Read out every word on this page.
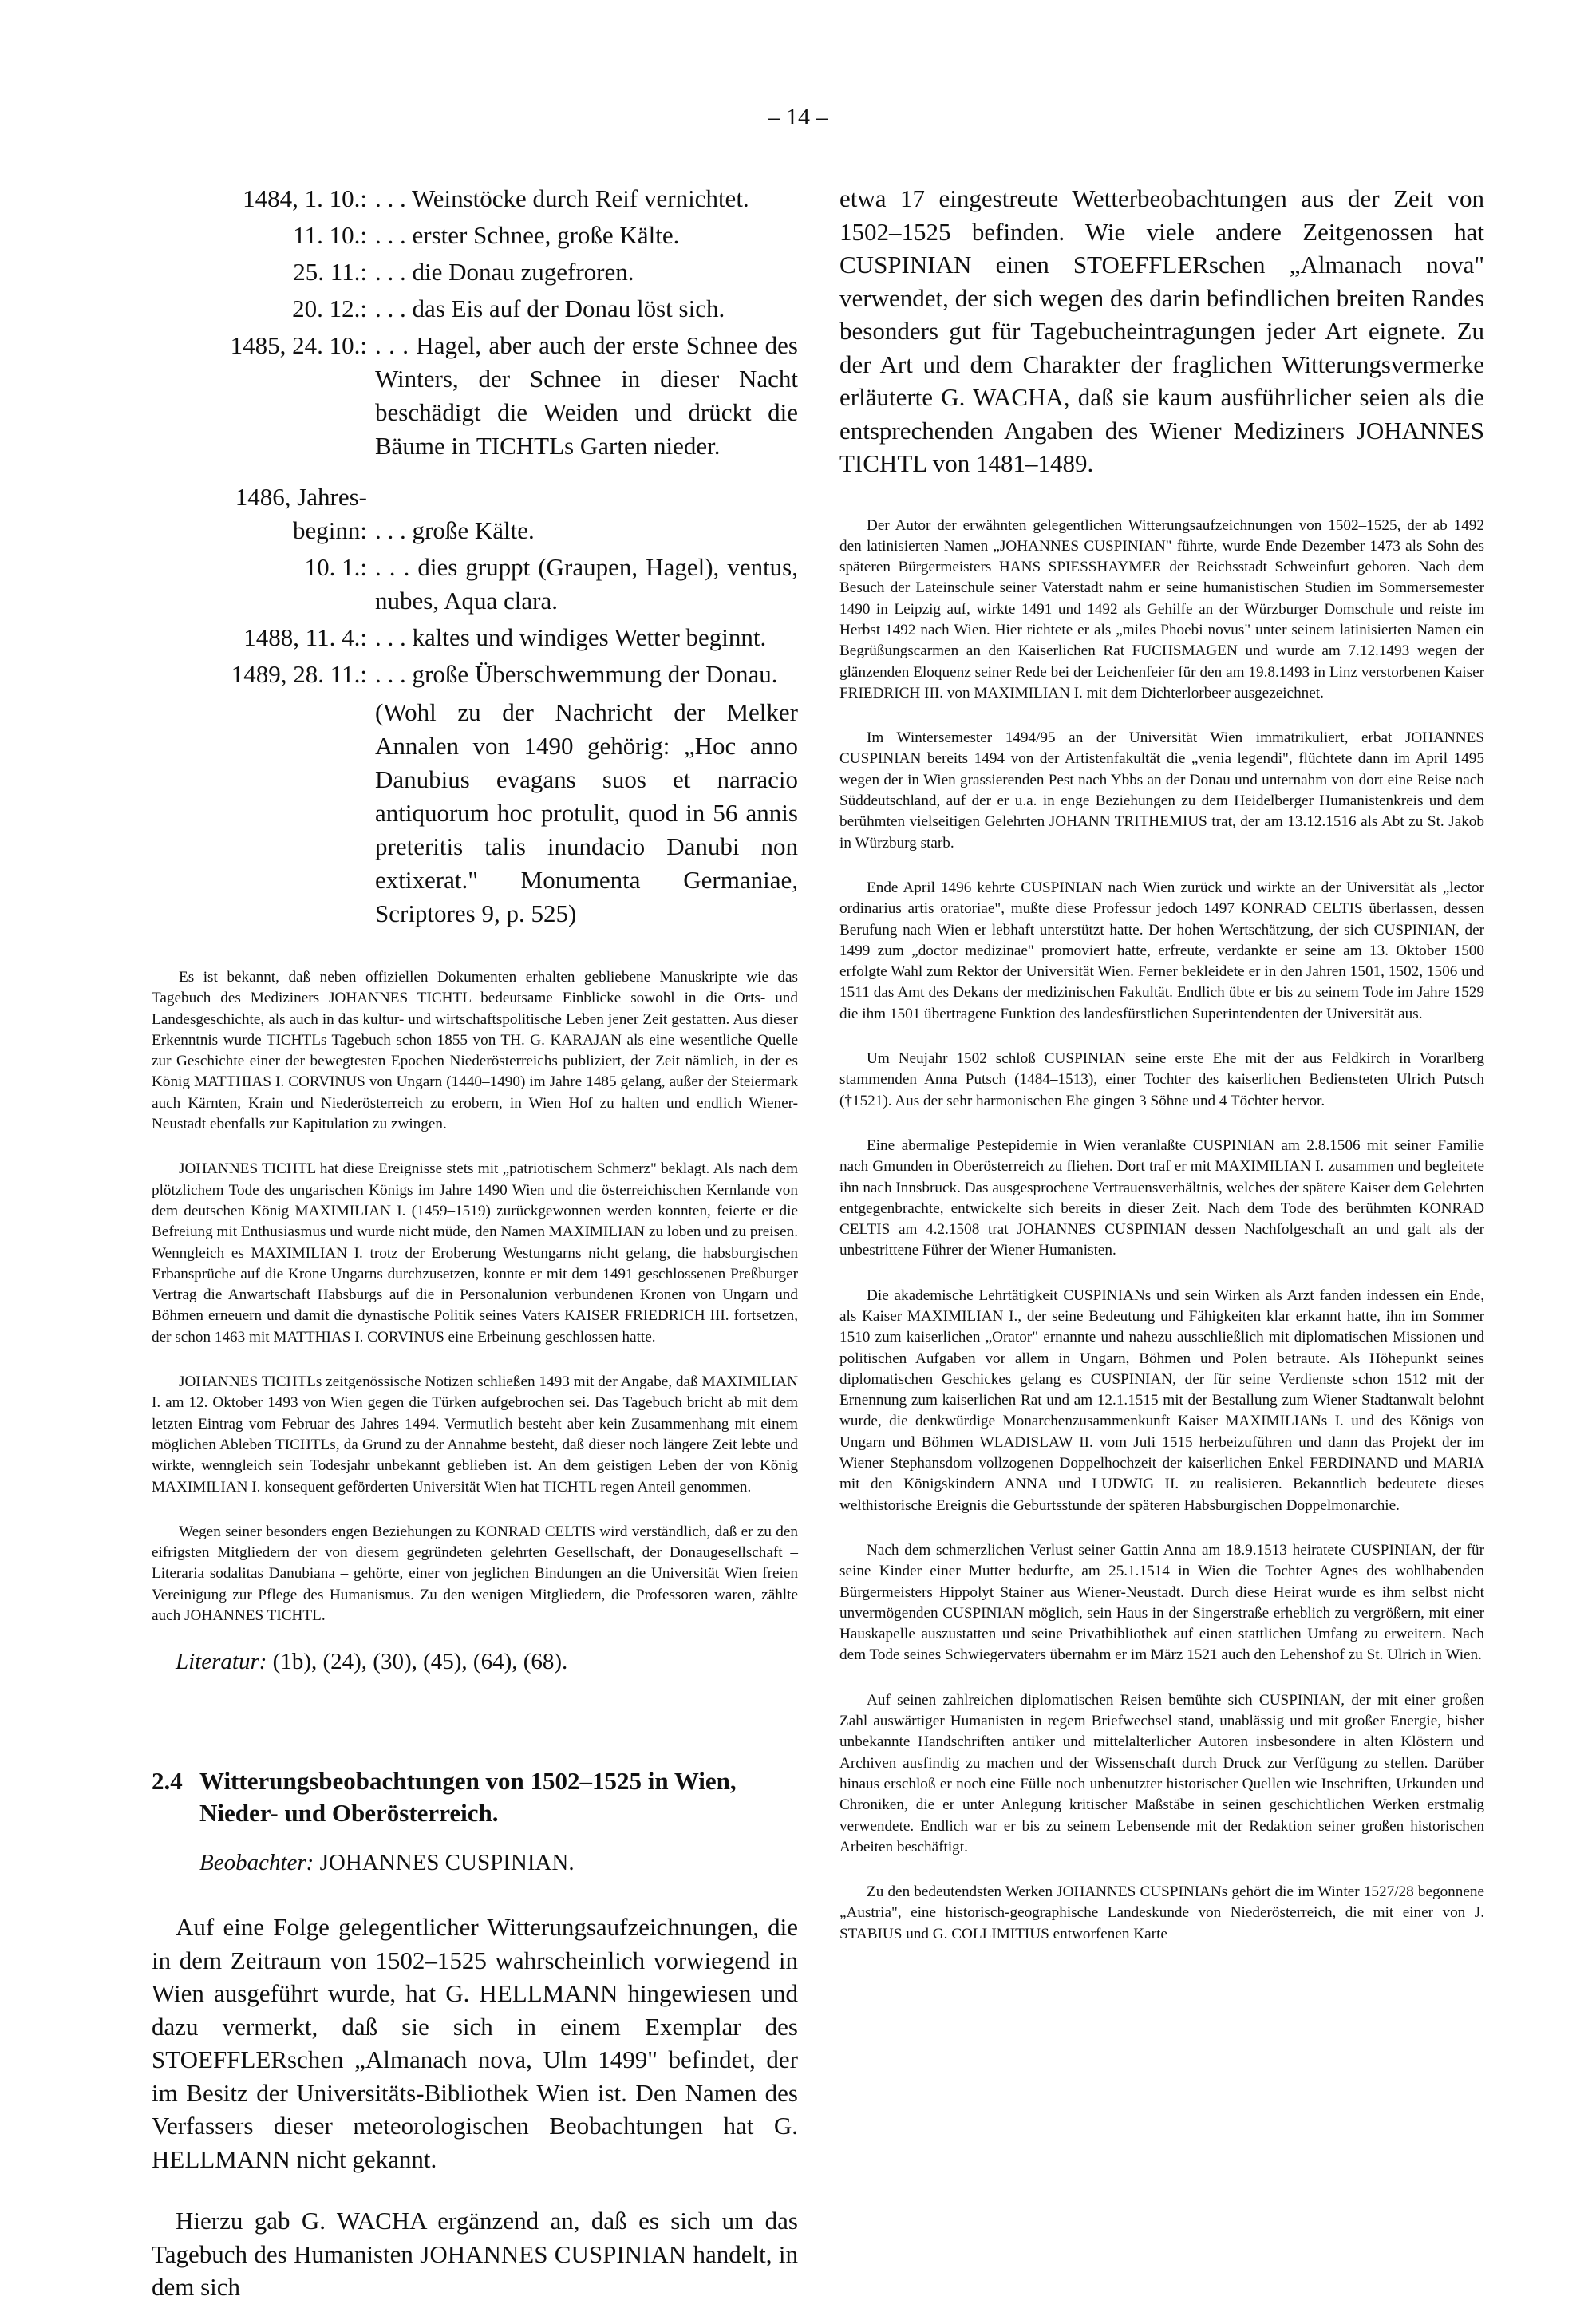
– 14 –
1484, 1. 10.: . . . Weinstöcke durch Reif vernichtet.
11. 10.: . . . erster Schnee, große Kälte.
25. 11.: . . . die Donau zugefroren.
20. 12.: . . . das Eis auf der Donau löst sich.
1485, 24. 10.: . . . Hagel, aber auch der erste Schnee des Winters, der Schnee in dieser Nacht beschädigt die Weiden und drückt die Bäume in TICHTLs Garten nieder.
1486, Jahres-
beginn: . . . große Kälte.
10. 1.: . . . dies gruppt (Graupen, Hagel), ventus, nubes, Aqua clara.
1488, 11. 4.: . . . kaltes und windiges Wetter beginnt.
1489, 28. 11.: . . . große Überschwemmung der Donau.
(Wohl zu der Nachricht der Melker Annalen von 1490 gehörig: „Hoc anno Danubius evagans suos et narracio antiquorum hoc protulit, quod in 56 annis preteritis talis inundacio Danubi non extixerat." Monumenta Germaniae, Scriptores 9, p. 525)

Es ist bekannt, daß neben offiziellen Dokumenten erhalten gebliebene Manuskripte wie das Tagebuch des Mediziners JOHANNES TICHTL bedeutsame Einblicke sowohl in die Orts- und Landesgeschichte, als auch in das kultur- und wirtschaftspolitische Leben jener Zeit gestatten. Aus dieser Erkenntnis wurde TICHTLs Tagebuch schon 1855 von TH. G. KARAJAN als eine wesentliche Quelle zur Geschichte einer der bewegtesten Epochen Niederösterreichs publiziert, der Zeit nämlich, in der es König MATTHIAS I. CORVINUS von Ungarn (1440–1490) im Jahre 1485 gelang, außer der Steiermark auch Kärnten, Krain und Niederösterreich zu erobern, in Wien Hof zu halten und endlich Wiener-Neustadt ebenfalls zur Kapitulation zu zwingen.

JOHANNES TICHTL hat diese Ereignisse stets mit „patriotischem Schmerz" beklagt. Als nach dem plötzlichem Tode des ungarischen Königs im Jahre 1490 Wien und die österreichischen Kernlande von dem deutschen König MAXIMILIAN I. (1459–1519) zurückgewonnen werden konnten, feierte er die Befreiung mit Enthusiasmus und wurde nicht müde, den Namen MAXIMILIAN zu loben und zu preisen. Wenngleich es MAXIMILIAN I. trotz der Eroberung Westungarns nicht gelang, die habsburgischen Erbansprüche auf die Krone Ungarns durchzusetzen, konnte er mit dem 1491 geschlossenen Preßburger Vertrag die Anwartschaft Habsburgs auf die in Personalunion verbundenen Kronen von Ungarn und Böhmen erneuern und damit die dynastische Politik seines Vaters KAISER FRIEDRICH III. fortsetzen, der schon 1463 mit MATTHIAS I. CORVINUS eine Erbeinung geschlossen hatte.

JOHANNES TICHTLs zeitgenössische Notizen schließen 1493 mit der Angabe, daß MAXIMILIAN I. am 12. Oktober 1493 von Wien gegen die Türken aufgebrochen sei. Das Tagebuch bricht ab mit dem letzten Eintrag vom Februar des Jahres 1494. Vermutlich besteht aber kein Zusammenhang mit einem möglichen Ableben TICHTLs, da Grund zu der Annahme besteht, daß dieser noch längere Zeit lebte und wirkte, wenngleich sein Todesjahr unbekannt geblieben ist. An dem geistigen Leben der von König MAXIMILIAN I. konsequent geförderten Universität Wien hat TICHTL regen Anteil genommen.

Wegen seiner besonders engen Beziehungen zu KONRAD CELTIS wird verständlich, daß er zu den eifrigsten Mitgliedern der von diesem gegründeten gelehrten Gesellschaft, der Donaugesellschaft – Literaria sodalitas Danubiana – gehörte, einer von jeglichen Bindungen an die Universität Wien freien Vereinigung zur Pflege des Humanismus. Zu den wenigen Mitgliedern, die Professoren waren, zählte auch JOHANNES TICHTL.

Literatur: (1b), (24), (30), (45), (64), (68).
2.4 Witterungsbeobachtungen von 1502–1525 in Wien, Nieder- und Oberösterreich.
Beobachter: JOHANNES CUSPINIAN.

Auf eine Folge gelegentlicher Witterungsaufzeichnungen, die in dem Zeitraum von 1502–1525 wahrscheinlich vorwiegend in Wien ausgeführt wurde, hat G. HELLMANN hingewiesen und dazu vermerkt, daß sie sich in einem Exemplar des STOEFFLERschen „Almanach nova, Ulm 1499" befindet, der im Besitz der Universitäts-Bibliothek Wien ist. Den Namen des Verfassers dieser meteorologischen Beobachtungen hat G. HELLMANN nicht gekannt.

Hierzu gab G. WACHA ergänzend an, daß es sich um das Tagebuch des Humanisten JOHANNES CUSPINIAN handelt, in dem sich

etwa 17 eingestreute Wetterbeobachtungen aus der Zeit von 1502–1525 befinden. Wie viele andere Zeitgenossen hat CUSPINIAN einen STOEFFLERschen „Almanach nova" verwendet, der sich wegen des darin befindlichen breiten Randes besonders gut für Tagebucheintragungen jeder Art eignete. Zu der Art und dem Charakter der fraglichen Witterungsvermerke erläuterte G. WACHA, daß sie kaum ausführlicher seien als die entsprechenden Angaben des Wiener Mediziners JOHANNES TICHTL von 1481–1489.

Der Autor der erwähnten gelegentlichen Witterungsaufzeichnungen von 1502–1525, der ab 1492 den latinisierten Namen „JOHANNES CUSPINIAN" führte, wurde Ende Dezember 1473 als Sohn des späteren Bürgermeisters HANS SPIESSHAYMER der Reichsstadt Schweinfurt geboren. Nach dem Besuch der Lateinschule seiner Vaterstadt nahm er seine humanistischen Studien im Sommersemester 1490 in Leipzig auf, wirkte 1491 und 1492 als Gehilfe an der Würzburger Domschule und reiste im Herbst 1492 nach Wien. Hier richtete er als „miles Phoebi novus" unter seinem latinisierten Namen ein Begrüßungscarmen an den Kaiserlichen Rat FUCHSMAGEN und wurde am 7.12.1493 wegen der glänzenden Eloquenz seiner Rede bei der Leichenfeier für den am 19.8.1493 in Linz verstorbenen Kaiser FRIEDRICH III. von MAXIMILIAN I. mit dem Dichterlorbeer ausgezeichnet.

Im Wintersemester 1494/95 an der Universität Wien immatrikuliert, erbat JOHANNES CUSPINIAN bereits 1494 von der Artistenfakultät die „venia legendi", flüchtete dann im April 1495 wegen der in Wien grassierenden Pest nach Ybbs an der Donau und unternahm von dort eine Reise nach Süddeutschland, auf der er u.a. in enge Beziehungen zu dem Heidelberger Humanistenkreis und dem berühmten vielseitigen Gelehrten JOHANN TRITHEMIUS trat, der am 13.12.1516 als Abt zu St. Jakob in Würzburg starb.

Ende April 1496 kehrte CUSPINIAN nach Wien zurück und wirkte an der Universität als „lector ordinarius artis oratoriae", mußte diese Professur jedoch 1497 KONRAD CELTIS überlassen, dessen Berufung nach Wien er lebhaft unterstützt hatte. Der hohen Wertschätzung, der sich CUSPINIAN, der 1499 zum „doctor medizinae" promoviert hatte, erfreute, verdankte er seine am 13. Oktober 1500 erfolgte Wahl zum Rektor der Universität Wien. Ferner bekleidete er in den Jahren 1501, 1502, 1506 und 1511 das Amt des Dekans der medizinischen Fakultät. Endlich übte er bis zu seinem Tode im Jahre 1529 die ihm 1501 übertragene Funktion des landesfürstlichen Superintendenten der Universität aus.

Um Neujahr 1502 schloß CUSPINIAN seine erste Ehe mit der aus Feldkirch in Vorarlberg stammenden Anna Putsch (1484–1513), einer Tochter des kaiserlichen Bediensteten Ulrich Putsch (†1521). Aus der sehr harmonischen Ehe gingen 3 Söhne und 4 Töchter hervor.

Eine abermalige Pestepidemie in Wien veranlaßte CUSPINIAN am 2.8.1506 mit seiner Familie nach Gmunden in Oberösterreich zu fliehen. Dort traf er mit MAXIMILIAN I. zusammen und begleitete ihn nach Innsbruck. Das ausgesprochene Vertrauensverhältnis, welches der spätere Kaiser dem Gelehrten entgegenbrachte, entwickelte sich bereits in dieser Zeit. Nach dem Tode des berühmten KONRAD CELTIS am 4.2.1508 trat JOHANNES CUSPINIAN dessen Nachfolgeschaft an und galt als der unbestrittene Führer der Wiener Humanisten.

Die akademische Lehrtätigkeit CUSPINIANs und sein Wirken als Arzt fanden indessen ein Ende, als Kaiser MAXIMILIAN I., der seine Bedeutung und Fähigkeiten klar erkannt hatte, ihn im Sommer 1510 zum kaiserlichen „Orator" ernannte und nahezu ausschließlich mit diplomatischen Missionen und politischen Aufgaben vor allem in Ungarn, Böhmen und Polen betraute. Als Höhepunkt seines diplomatischen Geschickes gelang es CUSPINIAN, der für seine Verdienste schon 1512 mit der Ernennung zum kaiserlichen Rat und am 12.1.1515 mit der Bestallung zum Wiener Stadtanwalt belohnt wurde, die denkwürdige Monarchenzusammenkunft Kaiser MAXIMILIANs I. und des Königs von Ungarn und Böhmen WLADISLAW II. vom Juli 1515 herbeizuführen und dann das Projekt der im Wiener Stephansdom vollzogenen Doppelhochzeit der kaiserlichen Enkel FERDINAND und MARIA mit den Königskindern ANNA und LUDWIG II. zu realisieren. Bekanntlich bedeutete dieses welthistorische Ereignis die Geburtsstunde der späteren Habsburgischen Doppelmonarchie.

Nach dem schmerzlichen Verlust seiner Gattin Anna am 18.9.1513 heiratete CUSPINIAN, der für seine Kinder einer Mutter bedurfte, am 25.1.1514 in Wien die Tochter Agnes des wohlhabenden Bürgermeisters Hippolyt Stainer aus Wiener-Neustadt. Durch diese Heirat wurde es ihm selbst nicht unvermögenden CUSPINIAN möglich, sein Haus in der Singerstraße erheblich zu vergrößern, mit einer Hauskapelle auszustatten und seine Privatbibliothek auf einen stattlichen Umfang zu erweitern. Nach dem Tode seines Schwiegervaters übernahm er im März 1521 auch den Lehenshof zu St. Ulrich in Wien.

Auf seinen zahlreichen diplomatischen Reisen bemühte sich CUSPINIAN, der mit einer großen Zahl auswärtiger Humanisten in regem Briefwechsel stand, unablässig und mit großer Energie, bisher unbekannte Handschriften antiker und mittelalterlicher Autoren insbesondere in alten Klöstern und Archiven ausfindig zu machen und der Wissenschaft durch Druck zur Verfügung zu stellen. Darüber hinaus erschloß er noch eine Fülle noch unbenutzter historischer Quellen wie Inschriften, Urkunden und Chroniken, die er unter Anlegung kritischer Maßstäbe in seinen geschichtlichen Werken erstmalig verwendete. Endlich war er bis zu seinem Lebensende mit der Redaktion seiner großen historischen Arbeiten beschäftigt.

Zu den bedeutendsten Werken JOHANNES CUSPINIANs gehört die im Winter 1527/28 begonnene „Austria", eine historisch-geographische Landeskunde von Niederösterreich, die mit einer von J. STABIUS und G. COLLIMITIUS entworfenen Karte
